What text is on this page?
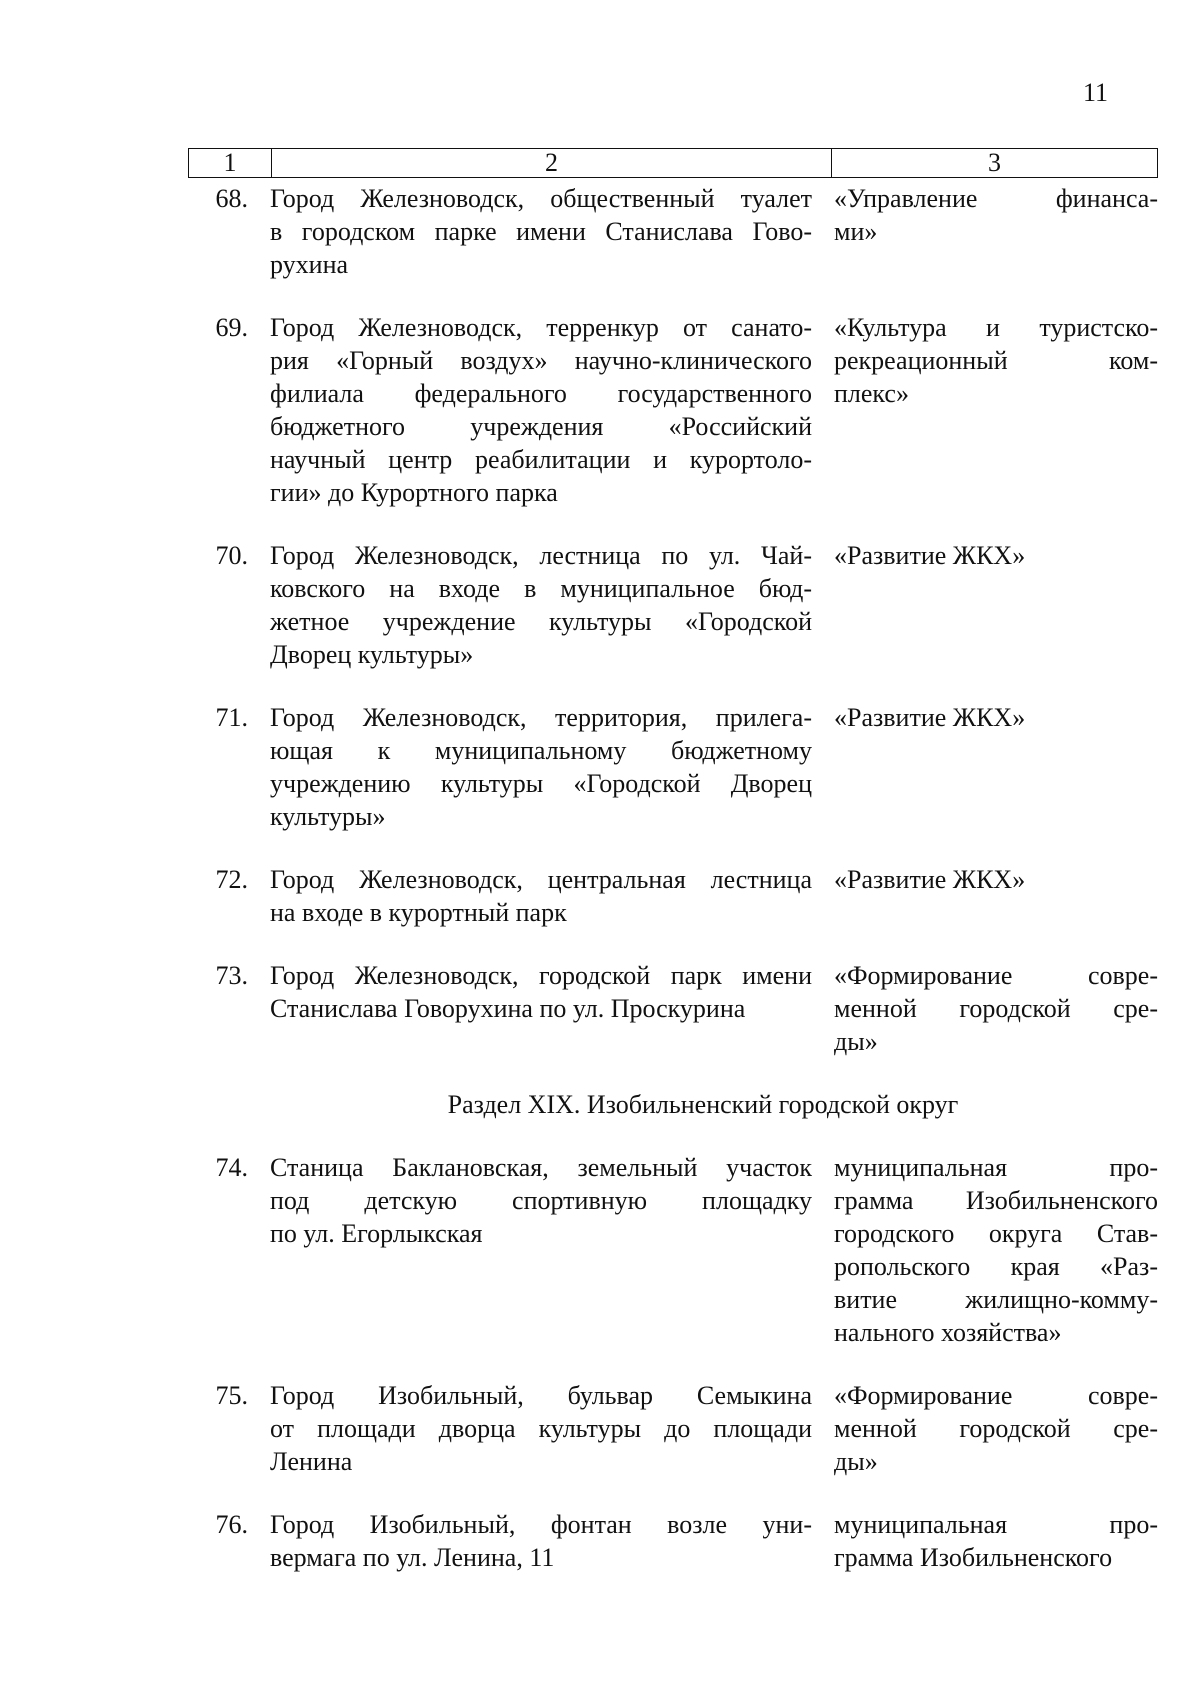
11
1	2	3
68. Город Железноводск, общественный туалет
в городском парке имени Станислава Гово-
рухина
«Управление финанса-
ми»
69. Город Железноводск, терренкур от санато-
рия «Горный воздух» научно-клинического
филиала федерального государственного
бюджетного учреждения «Российский
научный центр реабилитации и курортоло-
гии» до Курортного парка
«Культура и туристско-
рекреационный ком-
плекс»
70. Город Железноводск, лестница по ул. Чай-
ковского на входе в муниципальное бюд-
жетное учреждение культуры «Городской
Дворец культуры»
«Развитие ЖКХ»
71. Город Железноводск, территория, прилега-
ющая к муниципальному бюджетному
учреждению культуры «Городской Дворец
культуры»
«Развитие ЖКХ»
72. Город Железноводск, центральная лестница
на входе в курортный парк
«Развитие ЖКХ»
73. Город Железноводск, городской парк имени
Станислава Говорухина по ул. Проскурина
«Формирование совре-
менной городской сре-
ды»
Раздел XIX. Изобильненский городской округ
74. Станица Баклановская, земельный участок
под детскую спортивную площадку
по ул. Егорлыкская
муниципальная про-
грамма Изобильненского
городского округа Став-
ропольского края «Раз-
витие жилищно-комму-
нального хозяйства»
75. Город Изобильный, бульвар Семыкина
от площади дворца культуры до площади
Ленина
«Формирование совре-
менной городской сре-
ды»
76. Город Изобильный, фонтан возле уни-
вермага по ул. Ленина, 11
муниципальная про-
грамма Изобильненского
